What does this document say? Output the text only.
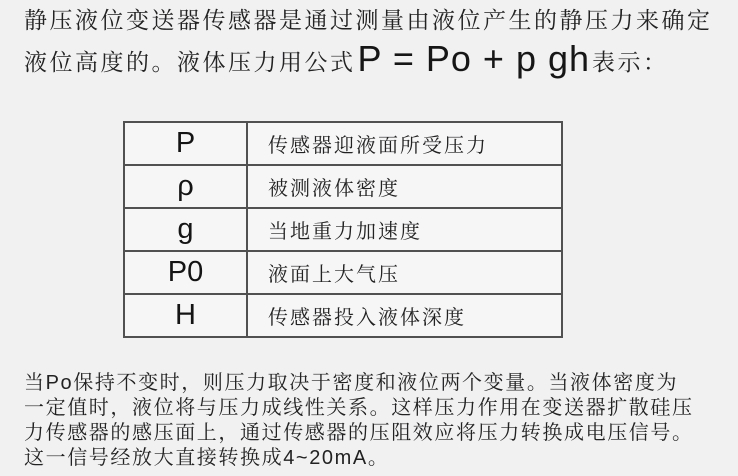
静压液位变送器传感器是通过测量由液位产生的静压力来确定
液位高度的。液体压力用公式 P = Po + p gh 表示：
P	传感器迎液面所受压力
ρ	被测液体密度
g	当地重力加速度
P0	液面上大气压
H	传感器投入液体深度
当Po保持不变时，则压力取决于密度和液位两个变量。当液体密度为
一定值时，液位将与压力成线性关系。这样压力作用在变送器扩散硅压
力传感器的感压面上，通过传感器的压阻效应将压力转换成电压信号。
这一信号经放大直接转换成4~20mA。
